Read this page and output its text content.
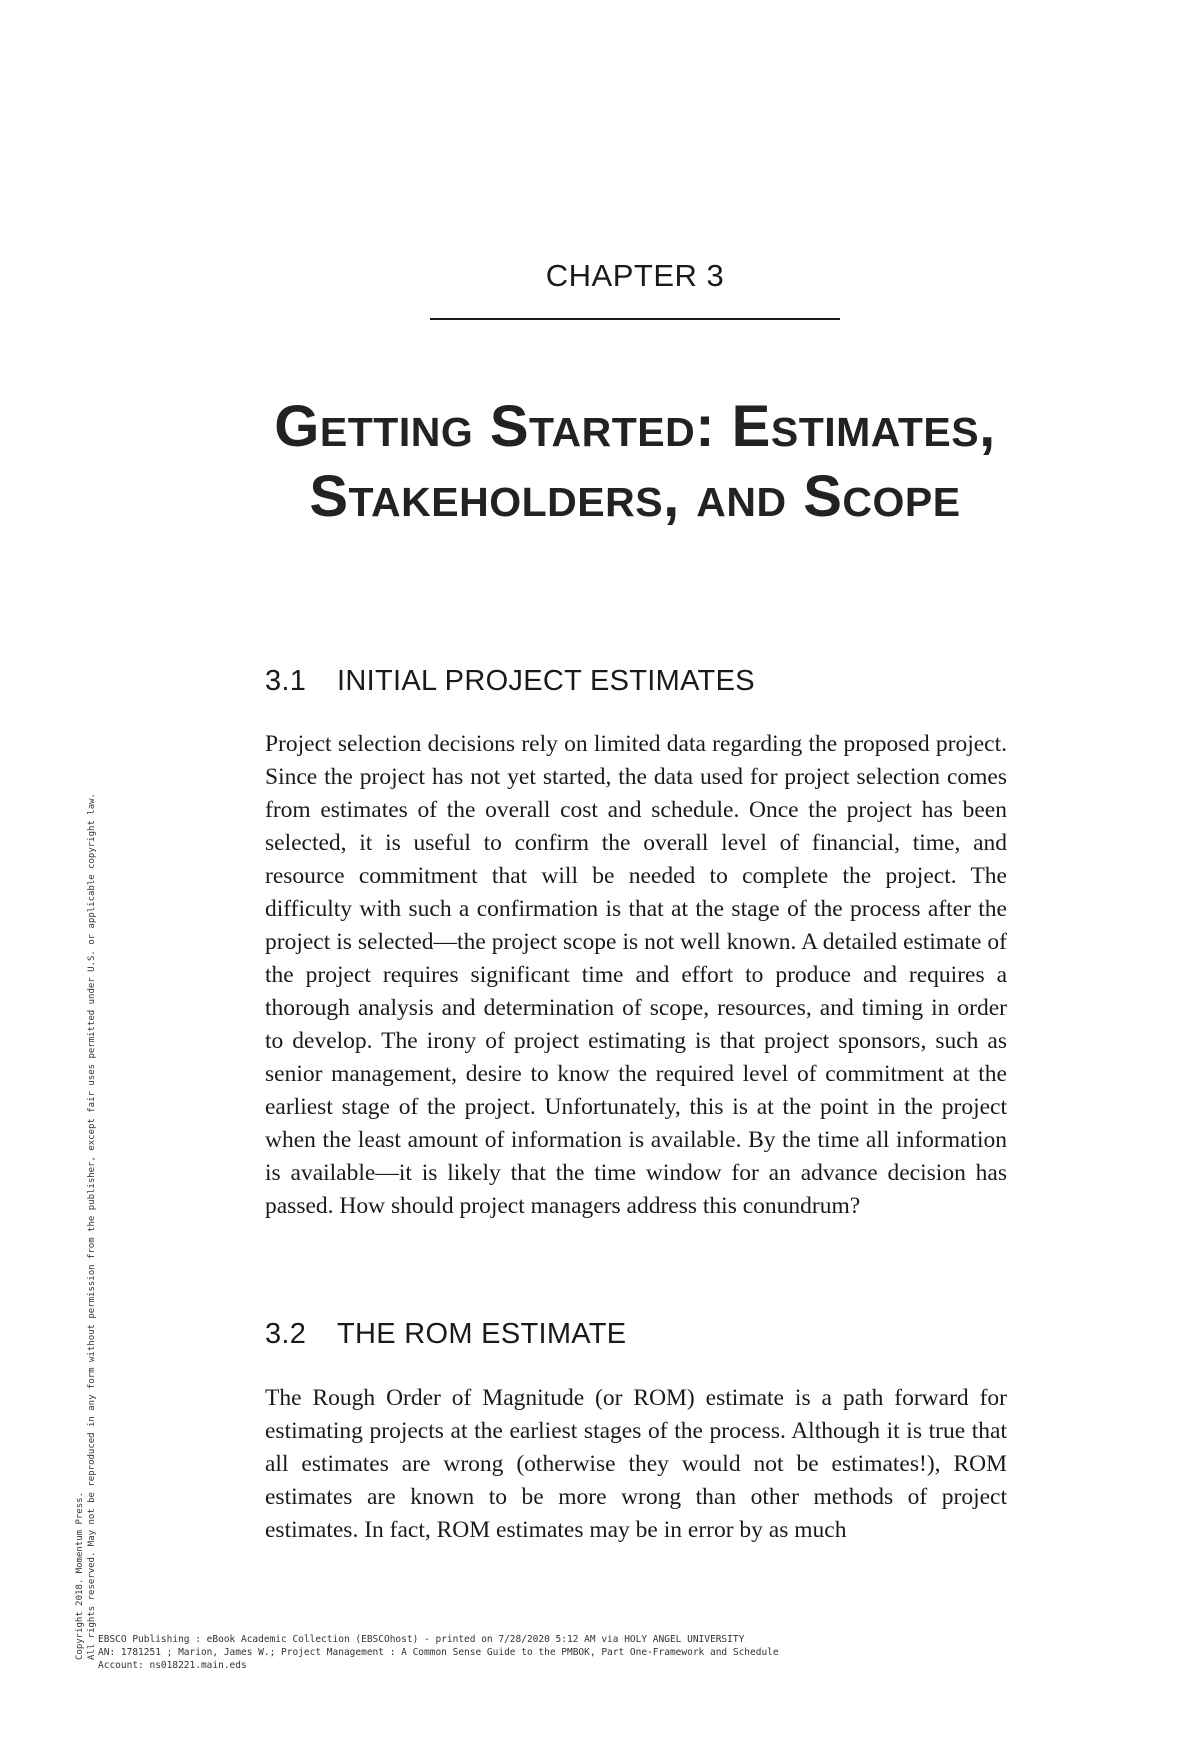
CHAPTER 3
Getting Started: Estimates,
Stakeholders, and Scope
3.1 INITIAL PROJECT ESTIMATES

Project selection decisions rely on limited data regarding the proposed project. Since the project has not yet started, the data used for project selection comes from estimates of the overall cost and schedule. Once the project has been selected, it is useful to confirm the overall level of financial, time, and resource commitment that will be needed to complete the project. The difficulty with such a confirmation is that at the stage of the process after the project is selected—the project scope is not well known. A detailed estimate of the project requires significant time and effort to produce and requires a thorough analysis and determination of scope, resources, and timing in order to develop. The irony of project estimating is that project sponsors, such as senior management, desire to know the required level of commitment at the earliest stage of the project. Unfortunately, this is at the point in the project when the least amount of information is available. By the time all information is available—it is likely that the time window for an advance decision has passed. How should project managers address this conundrum?

3.2 THE ROM ESTIMATE

The Rough Order of Magnitude (or ROM) estimate is a path forward for estimating projects at the earliest stages of the process. Although it is true that all estimates are wrong (otherwise they would not be estimates!), ROM estimates are known to be more wrong than other methods of project estimates. In fact, ROM estimates may be in error by as much

Copyright 2018. Momentum Press. All rights reserved. May not be reproduced in any form without permission from the publisher, except fair uses permitted under U.S. or applicable copyright law. EBSCO Publishing : eBook Academic Collection (EBSCOhost) - printed on 7/28/2020 5:12 AM via HOLY ANGEL UNIVERSITY
AN: 1781251 ; Marion, James W.; Project Management : A Common Sense Guide to the PMBOK, Part One-Framework and Schedule
Account: ns018221.main.eds
